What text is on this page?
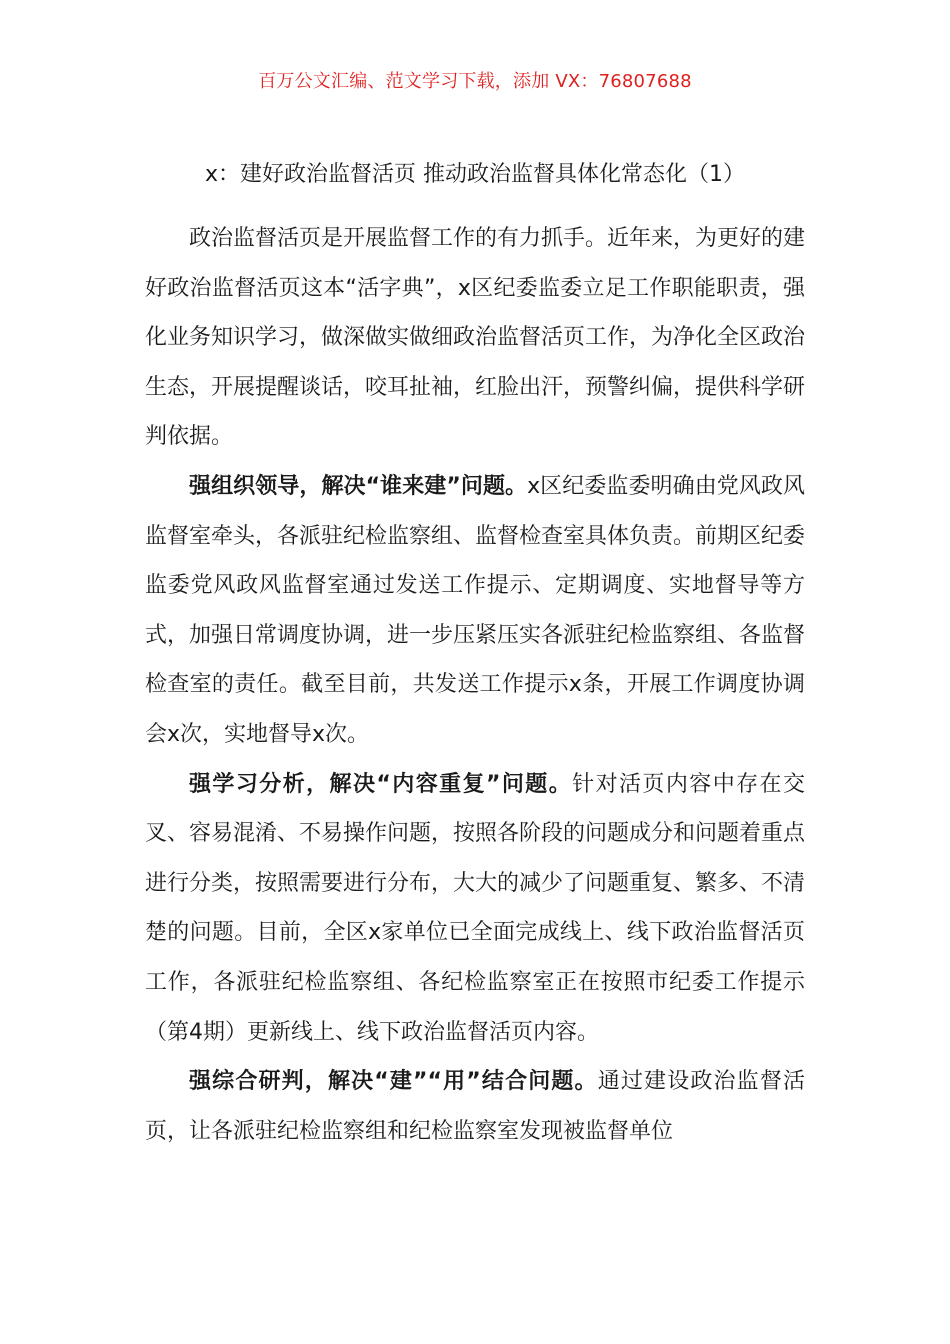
百万公文汇编、范文学习下载，添加 VX：76807688
x：建好政治监督活页 推动政治监督具体化常态化（1）

政治监督活页是开展监督工作的有力抓手。近年来，为更好的建好政治监督活页这本“活字典”，x区纪委监委立足工作职能职责，强化业务知识学习，做深做实做细政治监督活页工作，为净化全区政治生态，开展提醒谈话，咬耳扯袖，红脸出汗，预警纠偏，提供科学研判依据。

强组织领导，解决“谁来建”问题。x区纪委监委明确由党风政风监督室牵头，各派驻纪检监察组、监督检查室具体负责。前期区纪委监委党风政风监督室通过发送工作提示、定期调度、实地督导等方式，加强日常调度协调，进一步压紧压实各派驻纪检监察组、各监督检查室的责任。截至目前，共发送工作提示x条，开展工作调度协调会x次，实地督导x次。

强学习分析，解决“内容重复”问题。针对活页内容中存在交叉、容易混淆、不易操作问题，按照各阶段的问题成分和问题着重点进行分类，按照需要进行分布，大大的减少了问题重复、繁多、不清楚的问题。目前，全区x家单位已全面完成线上、线下政治监督活页工作，各派驻纪检监察组、各纪检监察室正在按照市纪委工作提示（第4期）更新线上、线下政治监督活页内容。

强综合研判，解决“建”“用”结合问题。通过建设政治监督活页，让各派驻纪检监察组和纪检监察室发现被监督单位
